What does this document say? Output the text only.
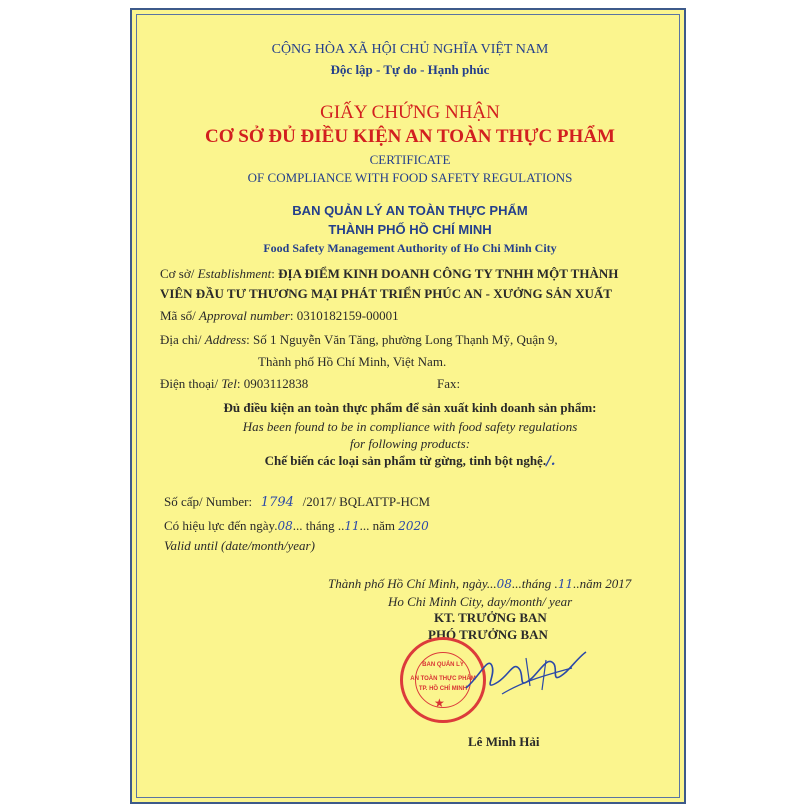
CỘNG HÒA XÃ HỘI CHỦ NGHĨA VIỆT NAM
Độc lập - Tự do - Hạnh phúc
GIẤY CHỨNG NHẬN
CƠ SỞ ĐỦ ĐIỀU KIỆN AN TOÀN THỰC PHẨM
CERTIFICATE
OF COMPLIANCE WITH FOOD SAFETY REGULATIONS
BAN QUẢN LÝ AN TOÀN THỰC PHẨM
THÀNH PHỐ HỒ CHÍ MINH
Food Safety Management Authority of Ho Chi Minh City
Cơ sở/ Establishment: ĐỊA ĐIỂM KINH DOANH CÔNG TY TNHH MỘT THÀNH
VIÊN ĐẦU TƯ THƯƠNG MẠI PHÁT TRIỂN PHÚC AN - XƯỞNG SẢN XUẤT
Mã số/ Approval number: 0310182159-00001
Địa chỉ/ Address: Số 1 Nguyễn Văn Tăng, phường Long Thạnh Mỹ, Quận 9,
Thành phố Hồ Chí Minh, Việt Nam.
Điện thoại/ Tel: 0903112838	Fax:
Đủ điều kiện an toàn thực phẩm để sản xuất kinh doanh sản phẩm:
Has been found to be in compliance with food safety regulations
for following products:
Chế biến các loại sản phẩm từ gừng, tinh bột nghệ./.
Số cấp/ Number: 1794 /2017/ BQLATTP-HCM
Có hiệu lực đến ngày.08... tháng ..11... năm 2020
Valid until (date/month/year)
Thành phố Hồ Chí Minh, ngày...08...tháng .11..năm 2017
Ho Chi Minh City, day/month/ year
KT. TRƯỞNG BAN
PHÓ TRƯỞNG BAN
BAN QUẢN LÝ
AN TOÀN THỰC PHẨM
TP. HỒ CHÍ MINH
★
Lê Minh Hải
